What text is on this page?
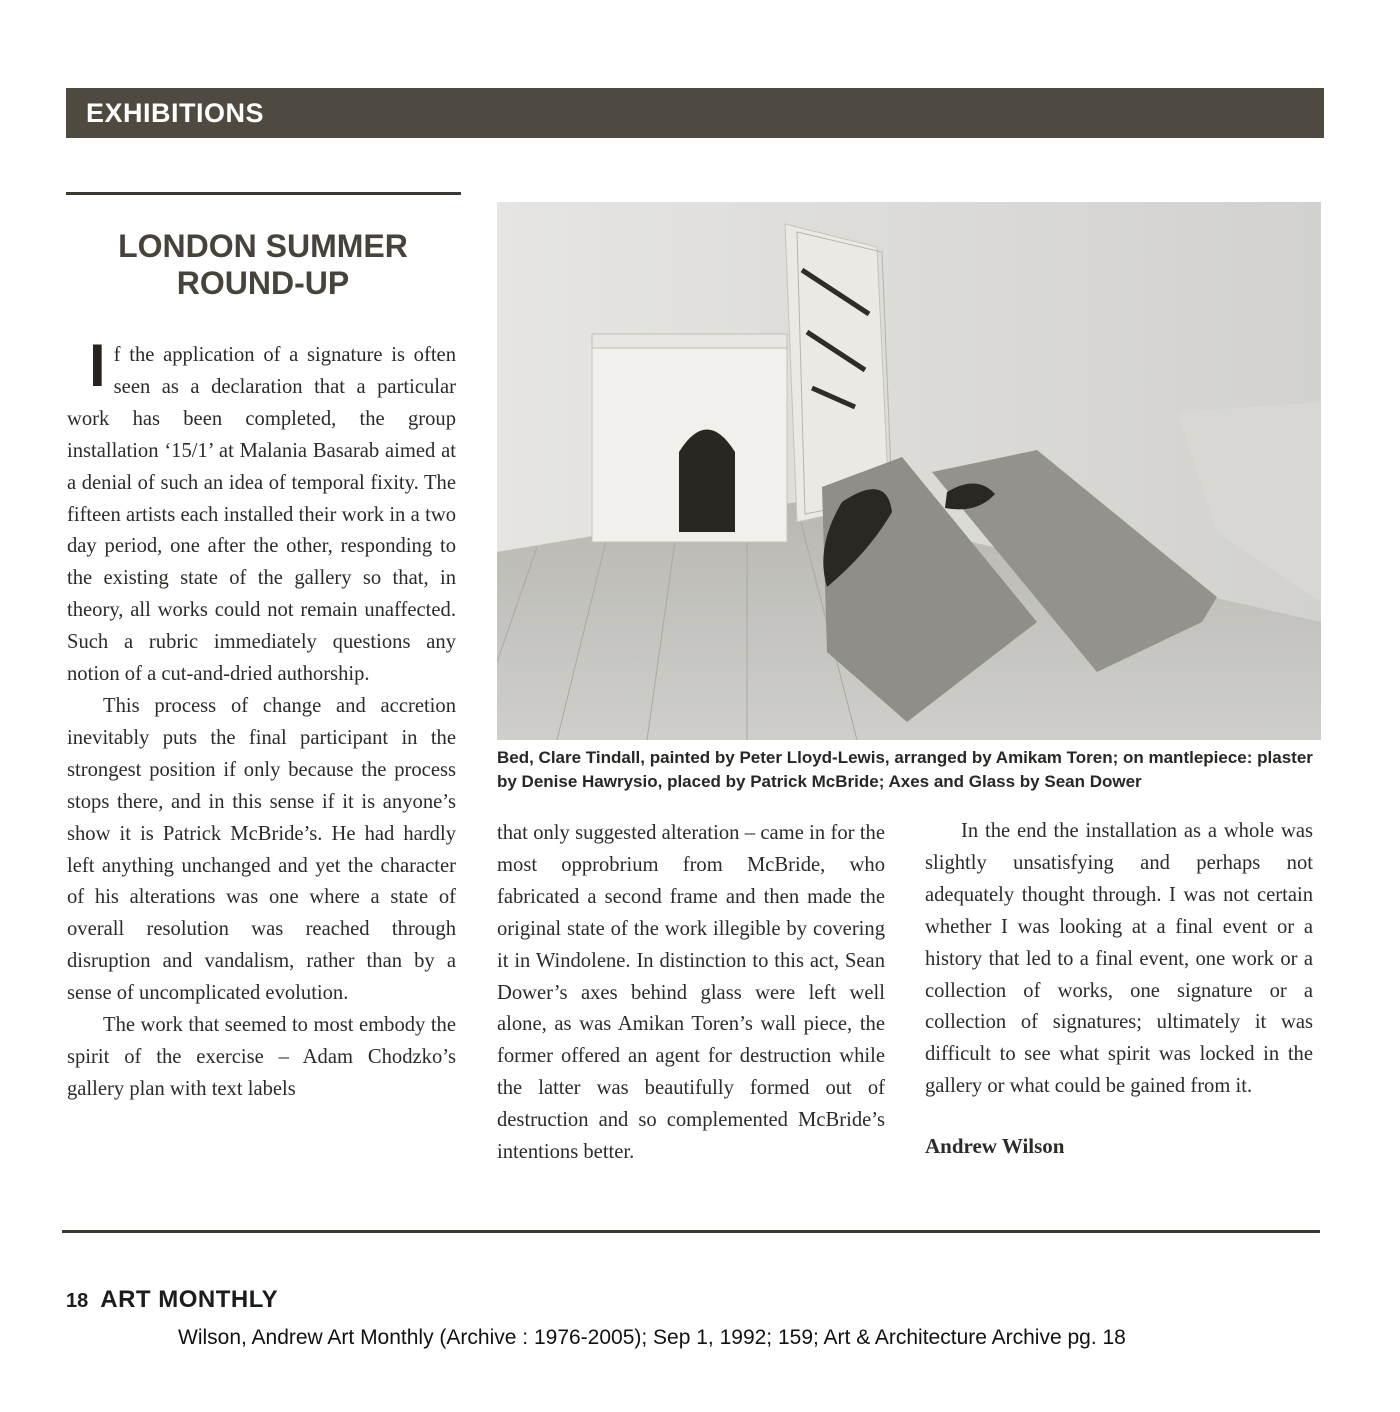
EXHIBITIONS
LONDON SUMMER ROUND-UP

If the application of a signature is often seen as a declaration that a particular work has been completed, the group installation ‘15/1’ at Malania Basarab aimed at a denial of such an idea of temporal fixity. The fifteen artists each installed their work in a two day period, one after the other, responding to the existing state of the gallery so that, in theory, all works could not remain unaffected. Such a rubric immediately questions any notion of a cut-and-dried authorship.

This process of change and accretion inevitably puts the final participant in the strongest position if only because the process stops there, and in this sense if it is anyone’s show it is Patrick McBride’s. He had hardly left anything unchanged and yet the character of his alterations was one where a state of overall resolution was reached through disruption and vandalism, rather than by a sense of uncomplicated evolution.

The work that seemed to most embody the spirit of the exercise – Adam Chodzko’s gallery plan with text labels

Bed, Clare Tindall, painted by Peter Lloyd-Lewis, arranged by Amikam Toren; on mantlepiece: plaster by Denise Hawrysio, placed by Patrick McBride; Axes and Glass by Sean Dower

that only suggested alteration – came in for the most opprobrium from McBride, who fabricated a second frame and then made the original state of the work illegible by covering it in Windolene. In distinction to this act, Sean Dower’s axes behind glass were left well alone, as was Amikan Toren’s wall piece, the former offered an agent for destruction while the latter was beautifully formed out of destruction and so complemented McBride’s intentions better.

In the end the installation as a whole was slightly unsatisfying and perhaps not adequately thought through. I was not certain whether I was looking at a final event or a history that led to a final event, one work or a collection of works, one signature or a collection of signatures; ultimately it was difficult to see what spirit was locked in the gallery or what could be gained from it.

Andrew Wilson

18 ART MONTHLY

Wilson, Andrew Art Monthly (Archive : 1976-2005); Sep 1, 1992; 159; Art & Architecture Archive pg. 18
